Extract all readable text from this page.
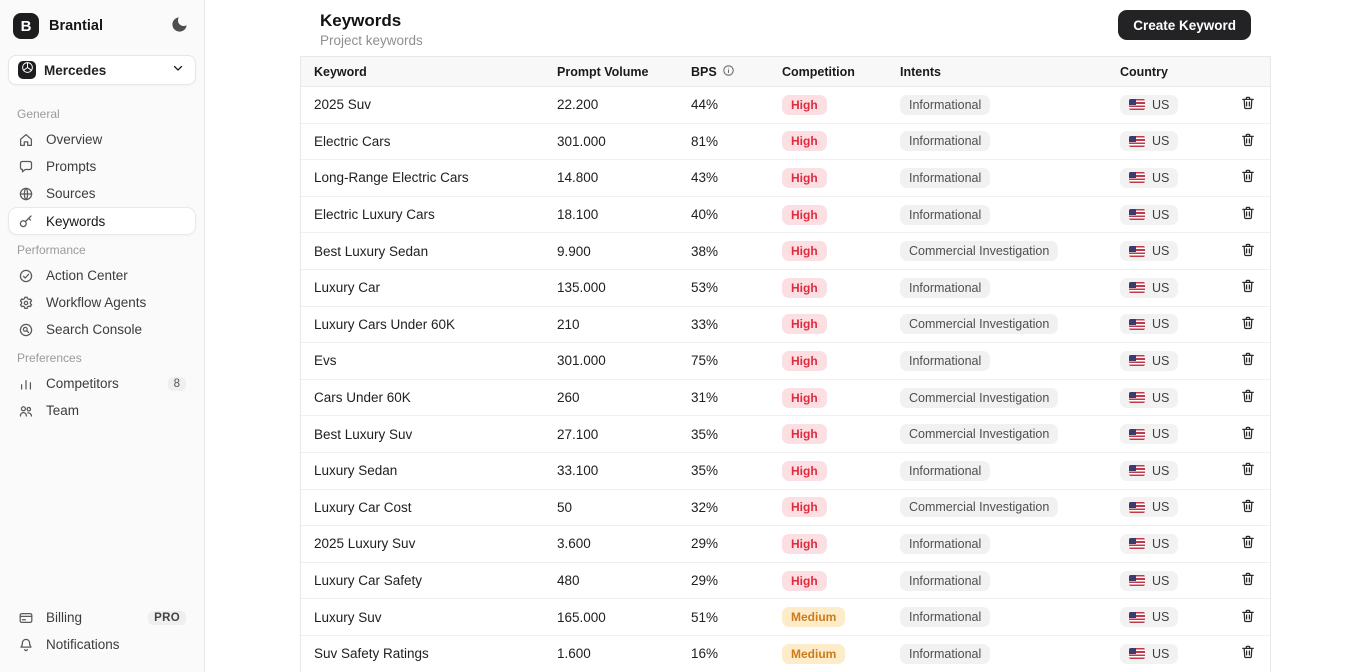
B	Brantial
Mercedes
General
Overview
Prompts
Sources
Keywords
Performance
Action Center
Workflow Agents
Search Console
Preferences
Competitors	8
Team
Billing	PRO
Notifications
Keywords
Project keywords
Create Keyword
Keyword	Prompt Volume	BPS	Competition	Intents	Country
2025 Suv	22.200	44%	High	Informational	US
Electric Cars	301.000	81%	High	Informational	US
Long-Range Electric Cars	14.800	43%	High	Informational	US
Electric Luxury Cars	18.100	40%	High	Informational	US
Best Luxury Sedan	9.900	38%	High	Commercial Investigation	US
Luxury Car	135.000	53%	High	Informational	US
Luxury Cars Under 60K	210	33%	High	Commercial Investigation	US
Evs	301.000	75%	High	Informational	US
Cars Under 60K	260	31%	High	Commercial Investigation	US
Best Luxury Suv	27.100	35%	High	Commercial Investigation	US
Luxury Sedan	33.100	35%	High	Informational	US
Luxury Car Cost	50	32%	High	Commercial Investigation	US
2025 Luxury Suv	3.600	29%	High	Informational	US
Luxury Car Safety	480	29%	High	Informational	US
Luxury Suv	165.000	51%	Medium	Informational	US
Suv Safety Ratings	1.600	16%	Medium	Informational	US
